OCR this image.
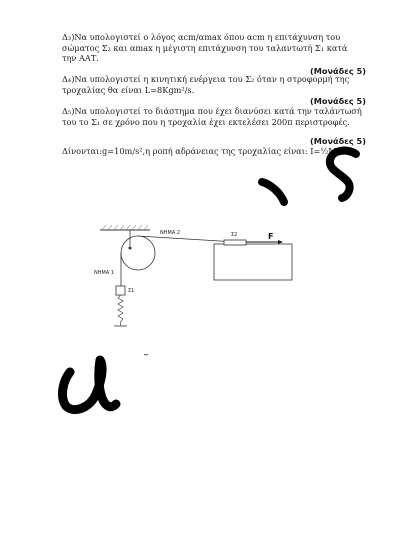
Δ₃)Να υπολογιστεί ο λόγος αcm/αmax όπου αcm η επιτάχυνση του σώματος Σ₂ και αmax η μέγιστη επιτάχυνση του ταλαντωτή Σ₁ κατά την ΑΑΤ.
(Μονάδες 5)
Δ₄)Να υπολογιστεί η κινητική ενέργεια του Σ₂ όταν η στροφορμή της τροχαλίας θα είναι L=8Kgm²/s.
(Μονάδες 5)
Δ₅)Να υπολογιστεί το διάστημα που έχει διανύσει κατά την ταλάντωσή του το Σ₁ σε χρόνο που η τροχαλία έχει εκτελέσει 200π περιστροφές.
(Μονάδες 5)
Δίνονται:g=10m/s²,η ροπή αδράνειας της τροχαλίας είναι: I=½MR²
ΝΗΜΑ 2
ΝΗΜΑ 1
Σ1
Σ2	F
